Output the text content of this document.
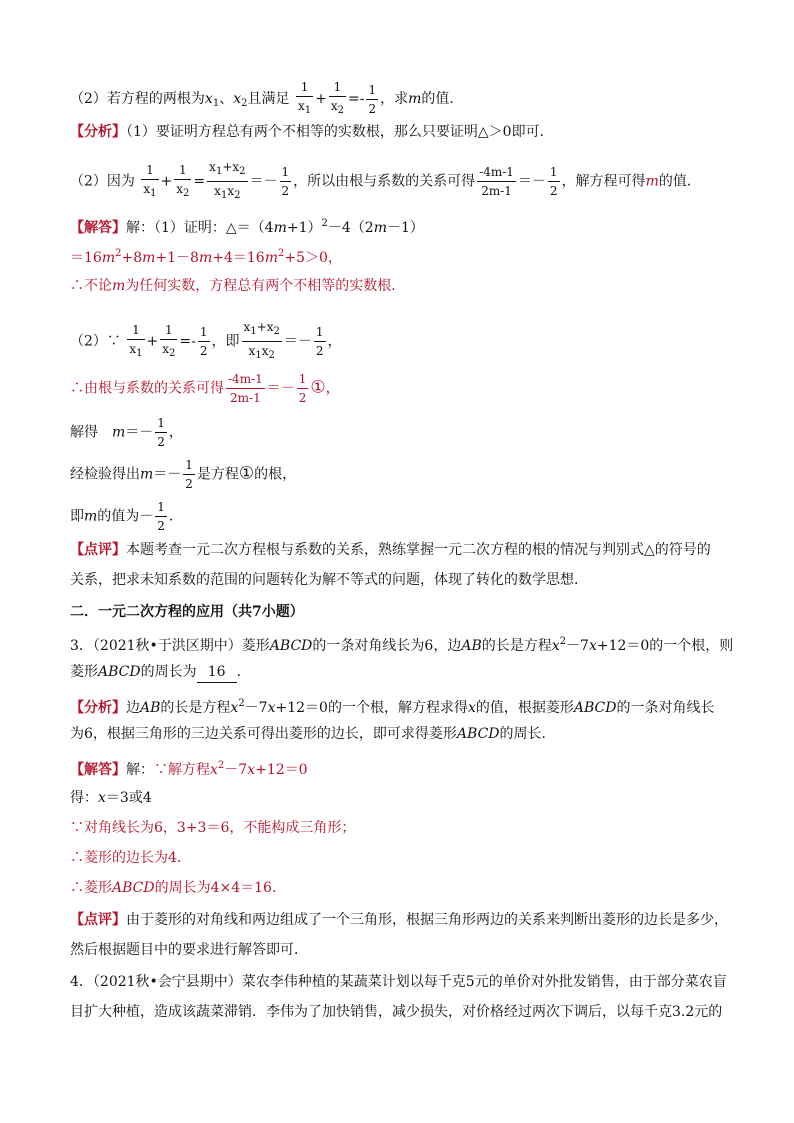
（2）若方程的两根为$x_1$、$x_2$且满足 $\frac{1}{x_1} + \frac{1}{x_2} =- \frac{1}{2}$ ，求m的值．
【分析】（1）要证明方程总有两个不相等的实数根，那么只要证明△＞0即可．
（2）因为 $\frac{1}{x_1} + \frac{1}{x_2} = \frac{x_1+x_2}{x_1x_2} =- \frac{1}{2}$ ，所以由根与系数的关系可得 $\frac{-4m-1}{2m-1} =- \frac{1}{2}$ ，解方程可得m的值．
【解答】解：（1）证明：$\triangle=(4m+1)^2-4(2m-1)$
$=16m^2+8m+1-8m+4=16m^2+5>0$，
∴不论m为任何实数，方程总有两个不相等的实数根．
（2）∵ $\frac{1}{x_1} + \frac{1}{x_2} =- \frac{1}{2}$ ，即 $\frac{x_1+x_2}{x_1x_2} =- \frac{1}{2}$ ，
∴由根与系数的关系可得 $\frac{-4m-1}{2m-1} =- \frac{1}{2}$ ①，
解得　$m=- \frac{1}{2}$ ，
经检验得出$m=- \frac{1}{2}$ 是方程①的根，
即m的值为－ $\frac{1}{2}$ ．
【点评】本题考查一元二次方程根与系数的关系，熟练掌握一元二次方程的根的情况与判别式△的符号的
关系，把求未知系数的范围的问题转化为解不等式的问题，体现了转化的数学思想．
二．一元二次方程的应用（共7小题）
3．（2021秋•于洪区期中）菱形ABCD的一条对角线长为6，边AB的长是方程$x^2-7x+12=0$的一个根，则
菱形ABCD的周长为 16 ．
【分析】边AB的长是方程$x^2-7x+12=0$的一个根，解方程求得x的值，根据菱形ABCD的一条对角线长
为6，根据三角形的三边关系可得出菱形的边长，即可求得菱形ABCD的周长．
【解答】解：∵解方程$x^2-7x+12=0$
得：x＝3或4
∵对角线长为6，3+3＝6，不能构成三角形；
∴菱形的边长为4．
∴菱形ABCD的周长为4×4＝16．
【点评】由于菱形的对角线和两边组成了一个三角形，根据三角形两边的关系来判断出菱形的边长是多少，
然后根据题目中的要求进行解答即可．
4．（2021秋•会宁县期中）菜农李伟种植的某蔬菜计划以每千克5元的单价对外批发销售，由于部分菜农盲
目扩大种植，造成该蔬菜滞销．李伟为了加快销售，减少损失，对价格经过两次下调后，以每千克3.2元的
